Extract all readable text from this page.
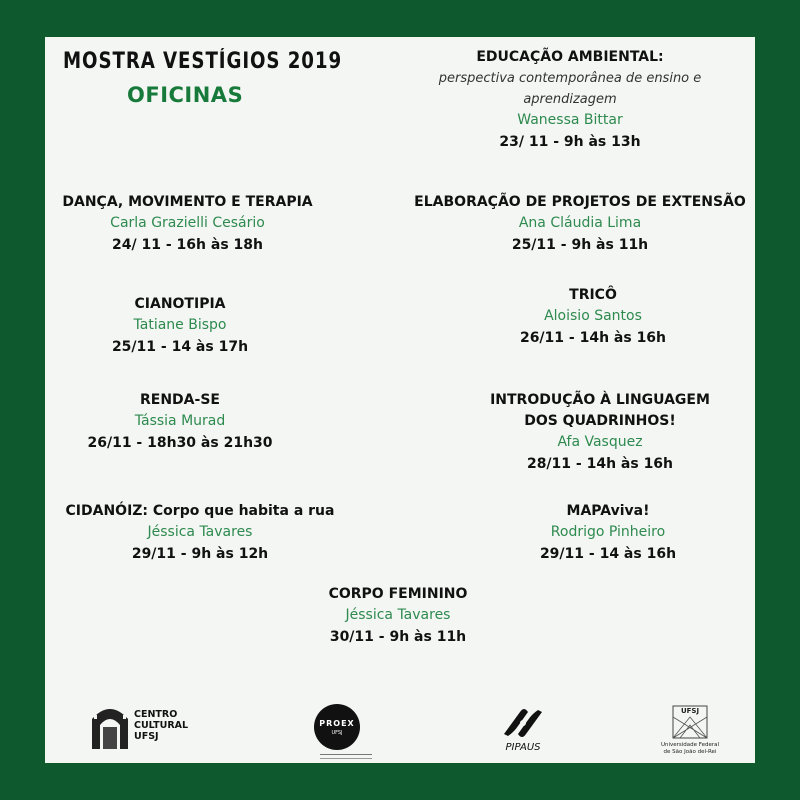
MOSTRA VESTÍGIOS 2019
OFICINAS
EDUCAÇÃO AMBIENTAL:
perspectiva contemporânea de ensino e
aprendizagem
Wanessa Bittar
23/ 11 - 9h às 13h
DANÇA, MOVIMENTO E TERAPIA
Carla Grazielli Cesário
24/ 11 - 16h às 18h
ELABORAÇÃO DE PROJETOS DE EXTENSÃO
Ana Cláudia Lima
25/11 - 9h às 11h
CIANOTIPIA
Tatiane Bispo
25/11 - 14 às 17h
TRICÔ
Aloisio Santos
26/11 - 14h às 16h
RENDA-SE
Tássia Murad
26/11 - 18h30 às 21h30
INTRODUÇÃO À LINGUAGEM
DOS QUADRINHOS!
Afa Vasquez
28/11 - 14h às 16h
CIDANÓIZ: Corpo que habita a rua
Jéssica Tavares
29/11 - 9h às 12h
MAPAviva!
Rodrigo Pinheiro
29/11 - 14 às 16h
CORPO FEMININO
Jéssica Tavares
30/11 - 9h às 11h
CENTRO
CULTURAL
UFSJ
PROEX
UFSJ
PIPAUS
UFSJ
Universidade Federal
de São João del-Rei
